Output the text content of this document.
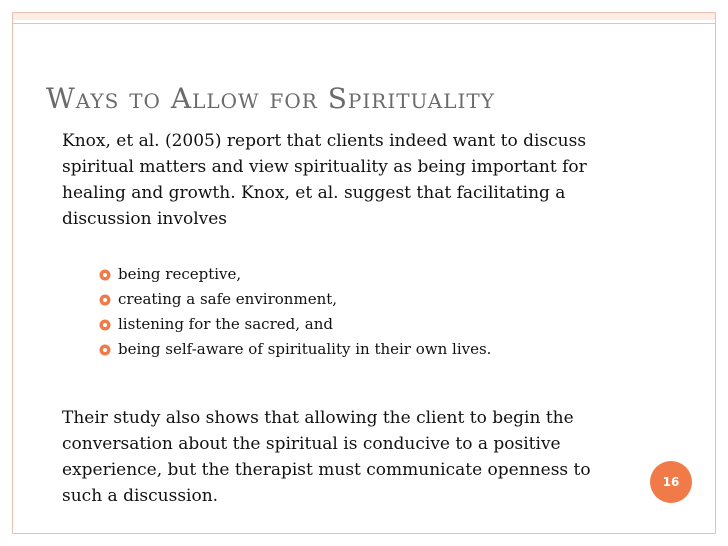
Ways to Allow for Spirituality

Knox, et al. (2005) report that clients indeed want to discuss spiritual matters and view spirituality as being important for healing and growth. Knox, et al. suggest that facilitating a discussion involves

being receptive,
creating a safe environment,
listening for the sacred, and
being self-aware of spirituality in their own lives.

Their study also shows that allowing the client to begin the conversation about the spiritual is conducive to a positive experience, but the therapist must communicate openness to such a discussion.

16
